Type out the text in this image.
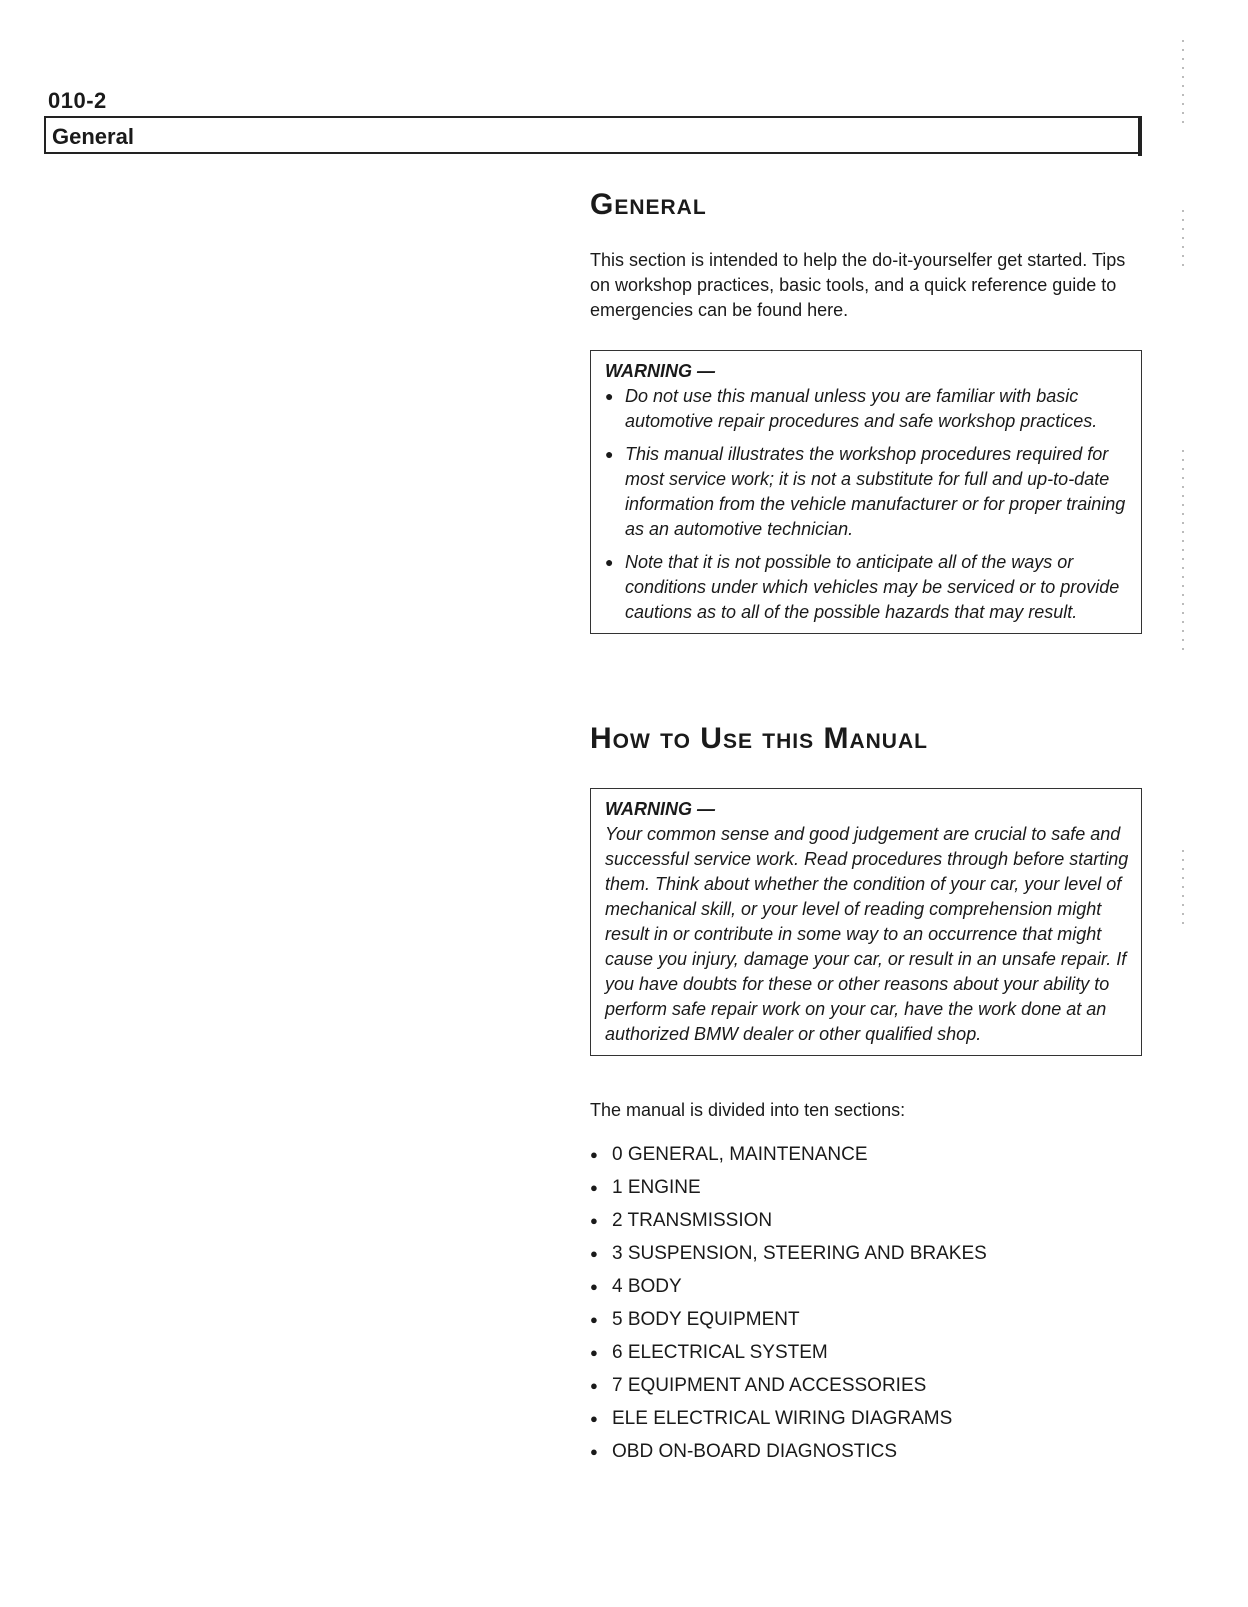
010-2
General
General

This section is intended to help the do-it-yourselfer get started. Tips on workshop practices, basic tools, and a quick reference guide to emergencies can be found here.

WARNING —
● Do not use this manual unless you are familiar with basic automotive repair procedures and safe workshop practices.
● This manual illustrates the workshop procedures required for most service work; it is not a substitute for full and up-to-date information from the vehicle manufacturer or for proper training as an automotive technician.
● Note that it is not possible to anticipate all of the ways or conditions under which vehicles may be serviced or to provide cautions as to all of the possible hazards that may result.
How to Use this Manual
WARNING —
Your common sense and good judgement are crucial to safe and successful service work. Read procedures through before starting them. Think about whether the condition of your car, your level of mechanical skill, or your level of reading comprehension might result in or contribute in some way to an occurrence that might cause you injury, damage your car, or result in an unsafe repair. If you have doubts for these or other reasons about your ability to perform safe repair work on your car, have the work done at an authorized BMW dealer or other qualified shop.

The manual is divided into ten sections:

● 0 GENERAL, MAINTENANCE
● 1 ENGINE
● 2 TRANSMISSION
● 3 SUSPENSION, STEERING AND BRAKES
● 4 BODY
● 5 BODY EQUIPMENT
● 6 ELECTRICAL SYSTEM
● 7 EQUIPMENT AND ACCESSORIES
● ELE ELECTRICAL WIRING DIAGRAMS
● OBD ON-BOARD DIAGNOSTICS
